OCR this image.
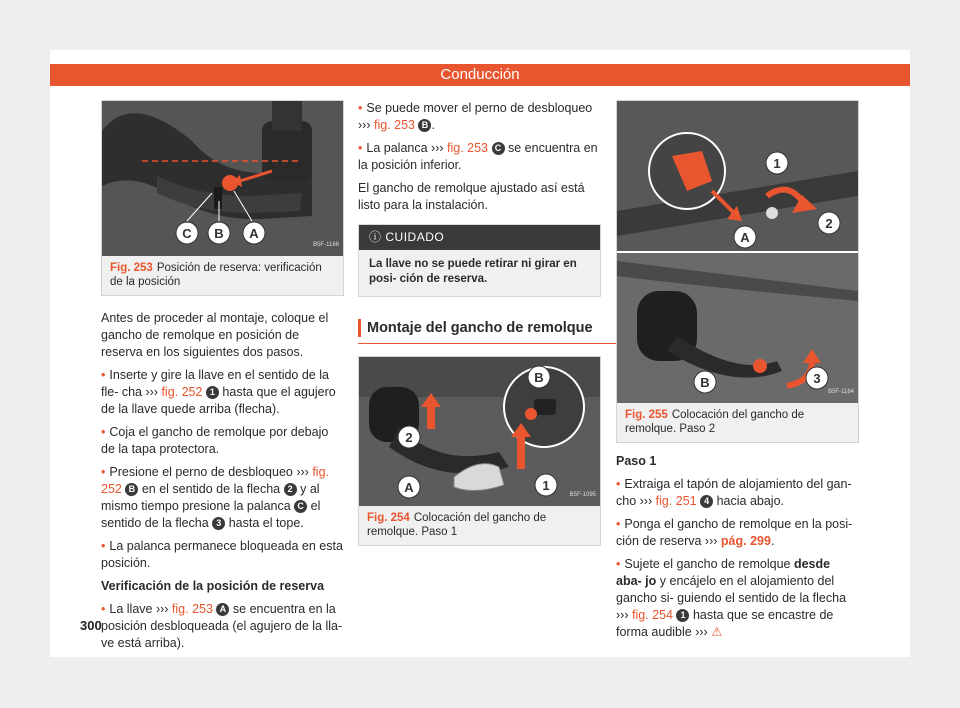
Conducción
C B A
B5F-1166
Fig. 253 Posición de reserva: verificación de la posición

Antes de proceder al montaje, coloque el gancho de remolque en posición de reserva en los siguientes dos pasos.

• Inserte y gire la llave en el sentido de la fle- cha ››› fig. 252 1 hasta que el agujero de la llave quede arriba (flecha).

• Coja el gancho de remolque por debajo de la tapa protectora.

• Presione el perno de desbloqueo ››› fig. 252 B en el sentido de la flecha 2 y al mismo tiempo presione la palanca C el sentido de la flecha 3 hasta el tope.

• La palanca permanece bloqueada en esta posición.

Verificación de la posición de reserva

• La llave ››› fig. 253 A se encuentra en la posición desbloqueada (el agujero de la lla- ve está arriba).

• Se puede mover el perno de desbloqueo ››› fig. 253 B .

• La palanca ››› fig. 253 C se encuentra en la posición inferior.

El gancho de remolque ajustado así está listo para la instalación.

ⓘ CUIDADO
La llave no se puede retirar ni girar en posi- ción de reserva.
Montaje del gancho de remolque
B
2
A	1
B5F-1095
Fig. 254 Colocación del gancho de remolque. Paso 1
1
A
2
B	3
B5F-1164
Fig. 255 Colocación del gancho de remolque. Paso 2
Paso 1

• Extraiga el tapón de alojamiento del gan- cho ››› fig. 251 4 hacia abajo.

• Ponga el gancho de remolque en la posi- ción de reserva ››› pág. 299.

• Sujete el gancho de remolque desde aba- jo y encájelo en el alojamiento del gancho si- guiendo el sentido de la flecha ››› fig. 254 1 hasta que se encastre de forma audible ››› ⚠

300
